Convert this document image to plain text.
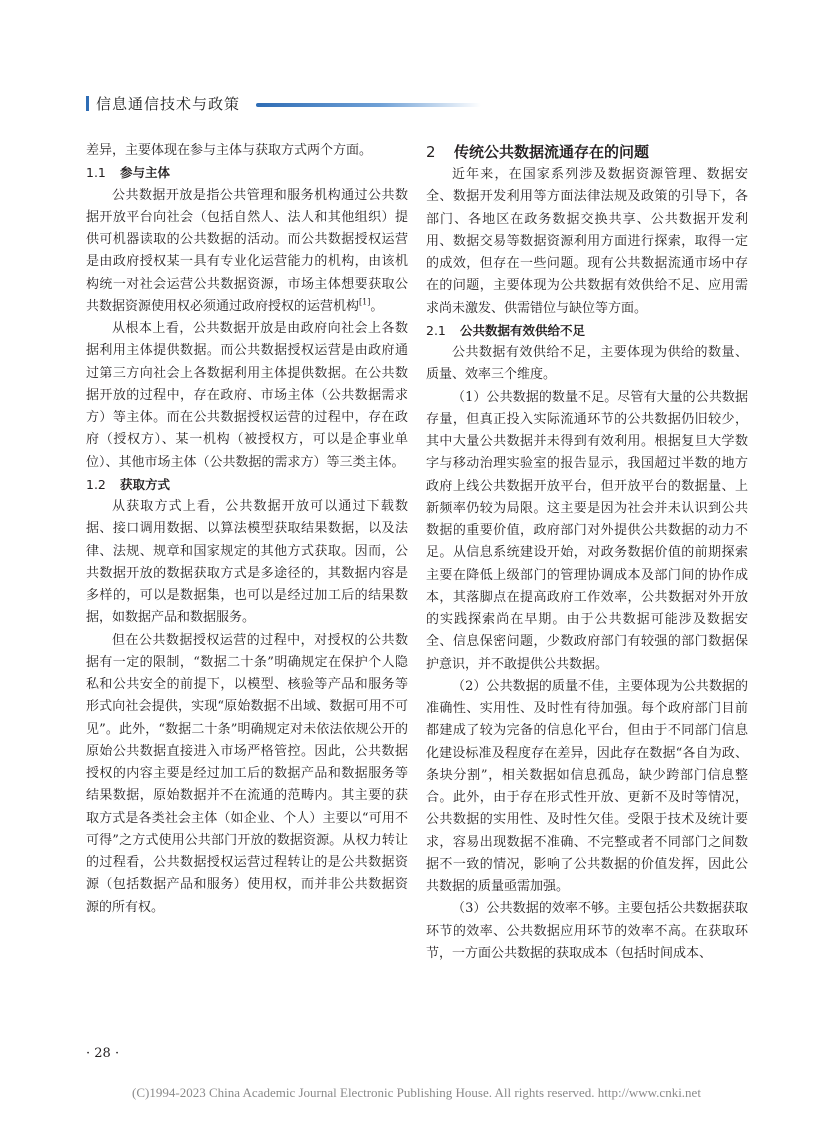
信息通信技术与政策

差异，主要体现在参与主体与获取方式两个方面。

1.1 参与主体

公共数据开放是指公共管理和服务机构通过公共数据开放平台向社会（包括自然人、法人和其他组织）提供可机器读取的公共数据的活动。而公共数据授权运营是由政府授权某一具有专业化运营能力的机构，由该机构统一对社会运营公共数据资源，市场主体想要获取公共数据资源使用权必须通过政府授权的运营机构[1]。

从根本上看，公共数据开放是由政府向社会上各数据利用主体提供数据。而公共数据授权运营是由政府通过第三方向社会上各数据利用主体提供数据。在公共数据开放的过程中，存在政府、市场主体（公共数据需求方）等主体。而在公共数据授权运营的过程中，存在政府（授权方）、某一机构（被授权方，可以是企事业单位）、其他市场主体（公共数据的需求方）等三类主体。

1.2 获取方式

从获取方式上看，公共数据开放可以通过下载数据、接口调用数据、以算法模型获取结果数据，以及法律、法规、规章和国家规定的其他方式获取。因而，公共数据开放的数据获取方式是多途径的，其数据内容是多样的，可以是数据集，也可以是经过加工后的结果数据，如数据产品和数据服务。

但在公共数据授权运营的过程中，对授权的公共数据有一定的限制，“数据二十条”明确规定在保护个人隐私和公共安全的前提下，以模型、核验等产品和服务等形式向社会提供，实现“原始数据不出域、数据可用不可见”。此外，“数据二十条”明确规定对未依法依规公开的原始公共数据直接进入市场严格管控。因此，公共数据授权的内容主要是经过加工后的数据产品和数据服务等结果数据，原始数据并不在流通的范畴内。其主要的获取方式是各类社会主体（如企业、个人）主要以“可用不可得”之方式使用公共部门开放的数据资源。从权力转让的过程看，公共数据授权运营过程转让的是公共数据资源（包括数据产品和服务）使用权，而并非公共数据资源的所有权。

2 传统公共数据流通存在的问题

近年来，在国家系列涉及数据资源管理、数据安全、数据开发利用等方面法律法规及政策的引导下，各部门、各地区在政务数据交换共享、公共数据开发利用、数据交易等数据资源利用方面进行探索，取得一定的成效，但存在一些问题。现有公共数据流通市场中存在的问题，主要体现为公共数据有效供给不足、应用需求尚未激发、供需错位与缺位等方面。

2.1 公共数据有效供给不足

公共数据有效供给不足，主要体现为供给的数量、质量、效率三个维度。

（1）公共数据的数量不足。尽管有大量的公共数据存量，但真正投入实际流通环节的公共数据仍旧较少，其中大量公共数据并未得到有效利用。根据复旦大学数字与移动治理实验室的报告显示，我国超过半数的地方政府上线公共数据开放平台，但开放平台的数据量、上新频率仍较为局限。这主要是因为社会并未认识到公共数据的重要价值，政府部门对外提供公共数据的动力不足。从信息系统建设开始，对政务数据价值的前期探索主要在降低上级部门的管理协调成本及部门间的协作成本，其落脚点在提高政府工作效率，公共数据对外开放的实践探索尚在早期。由于公共数据可能涉及数据安全、信息保密问题，少数政府部门有较强的部门数据保护意识，并不敢提供公共数据。

（2）公共数据的质量不佳，主要体现为公共数据的准确性、实用性、及时性有待加强。每个政府部门目前都建成了较为完备的信息化平台，但由于不同部门信息化建设标准及程度存在差异，因此存在数据“各自为政、条块分割”，相关数据如信息孤岛，缺少跨部门信息整合。此外，由于存在形式性开放、更新不及时等情况，公共数据的实用性、及时性欠佳。受限于技术及统计要求，容易出现数据不准确、不完整或者不同部门之间数据不一致的情况，影响了公共数据的价值发挥，因此公共数据的质量亟需加强。

（3）公共数据的效率不够。主要包括公共数据获取环节的效率、公共数据应用环节的效率不高。在获取环节，一方面公共数据的获取成本（包括时间成本、

· 28 ·
(C)1994-2023 China Academic Journal Electronic Publishing House. All rights reserved. http://www.cnki.net
